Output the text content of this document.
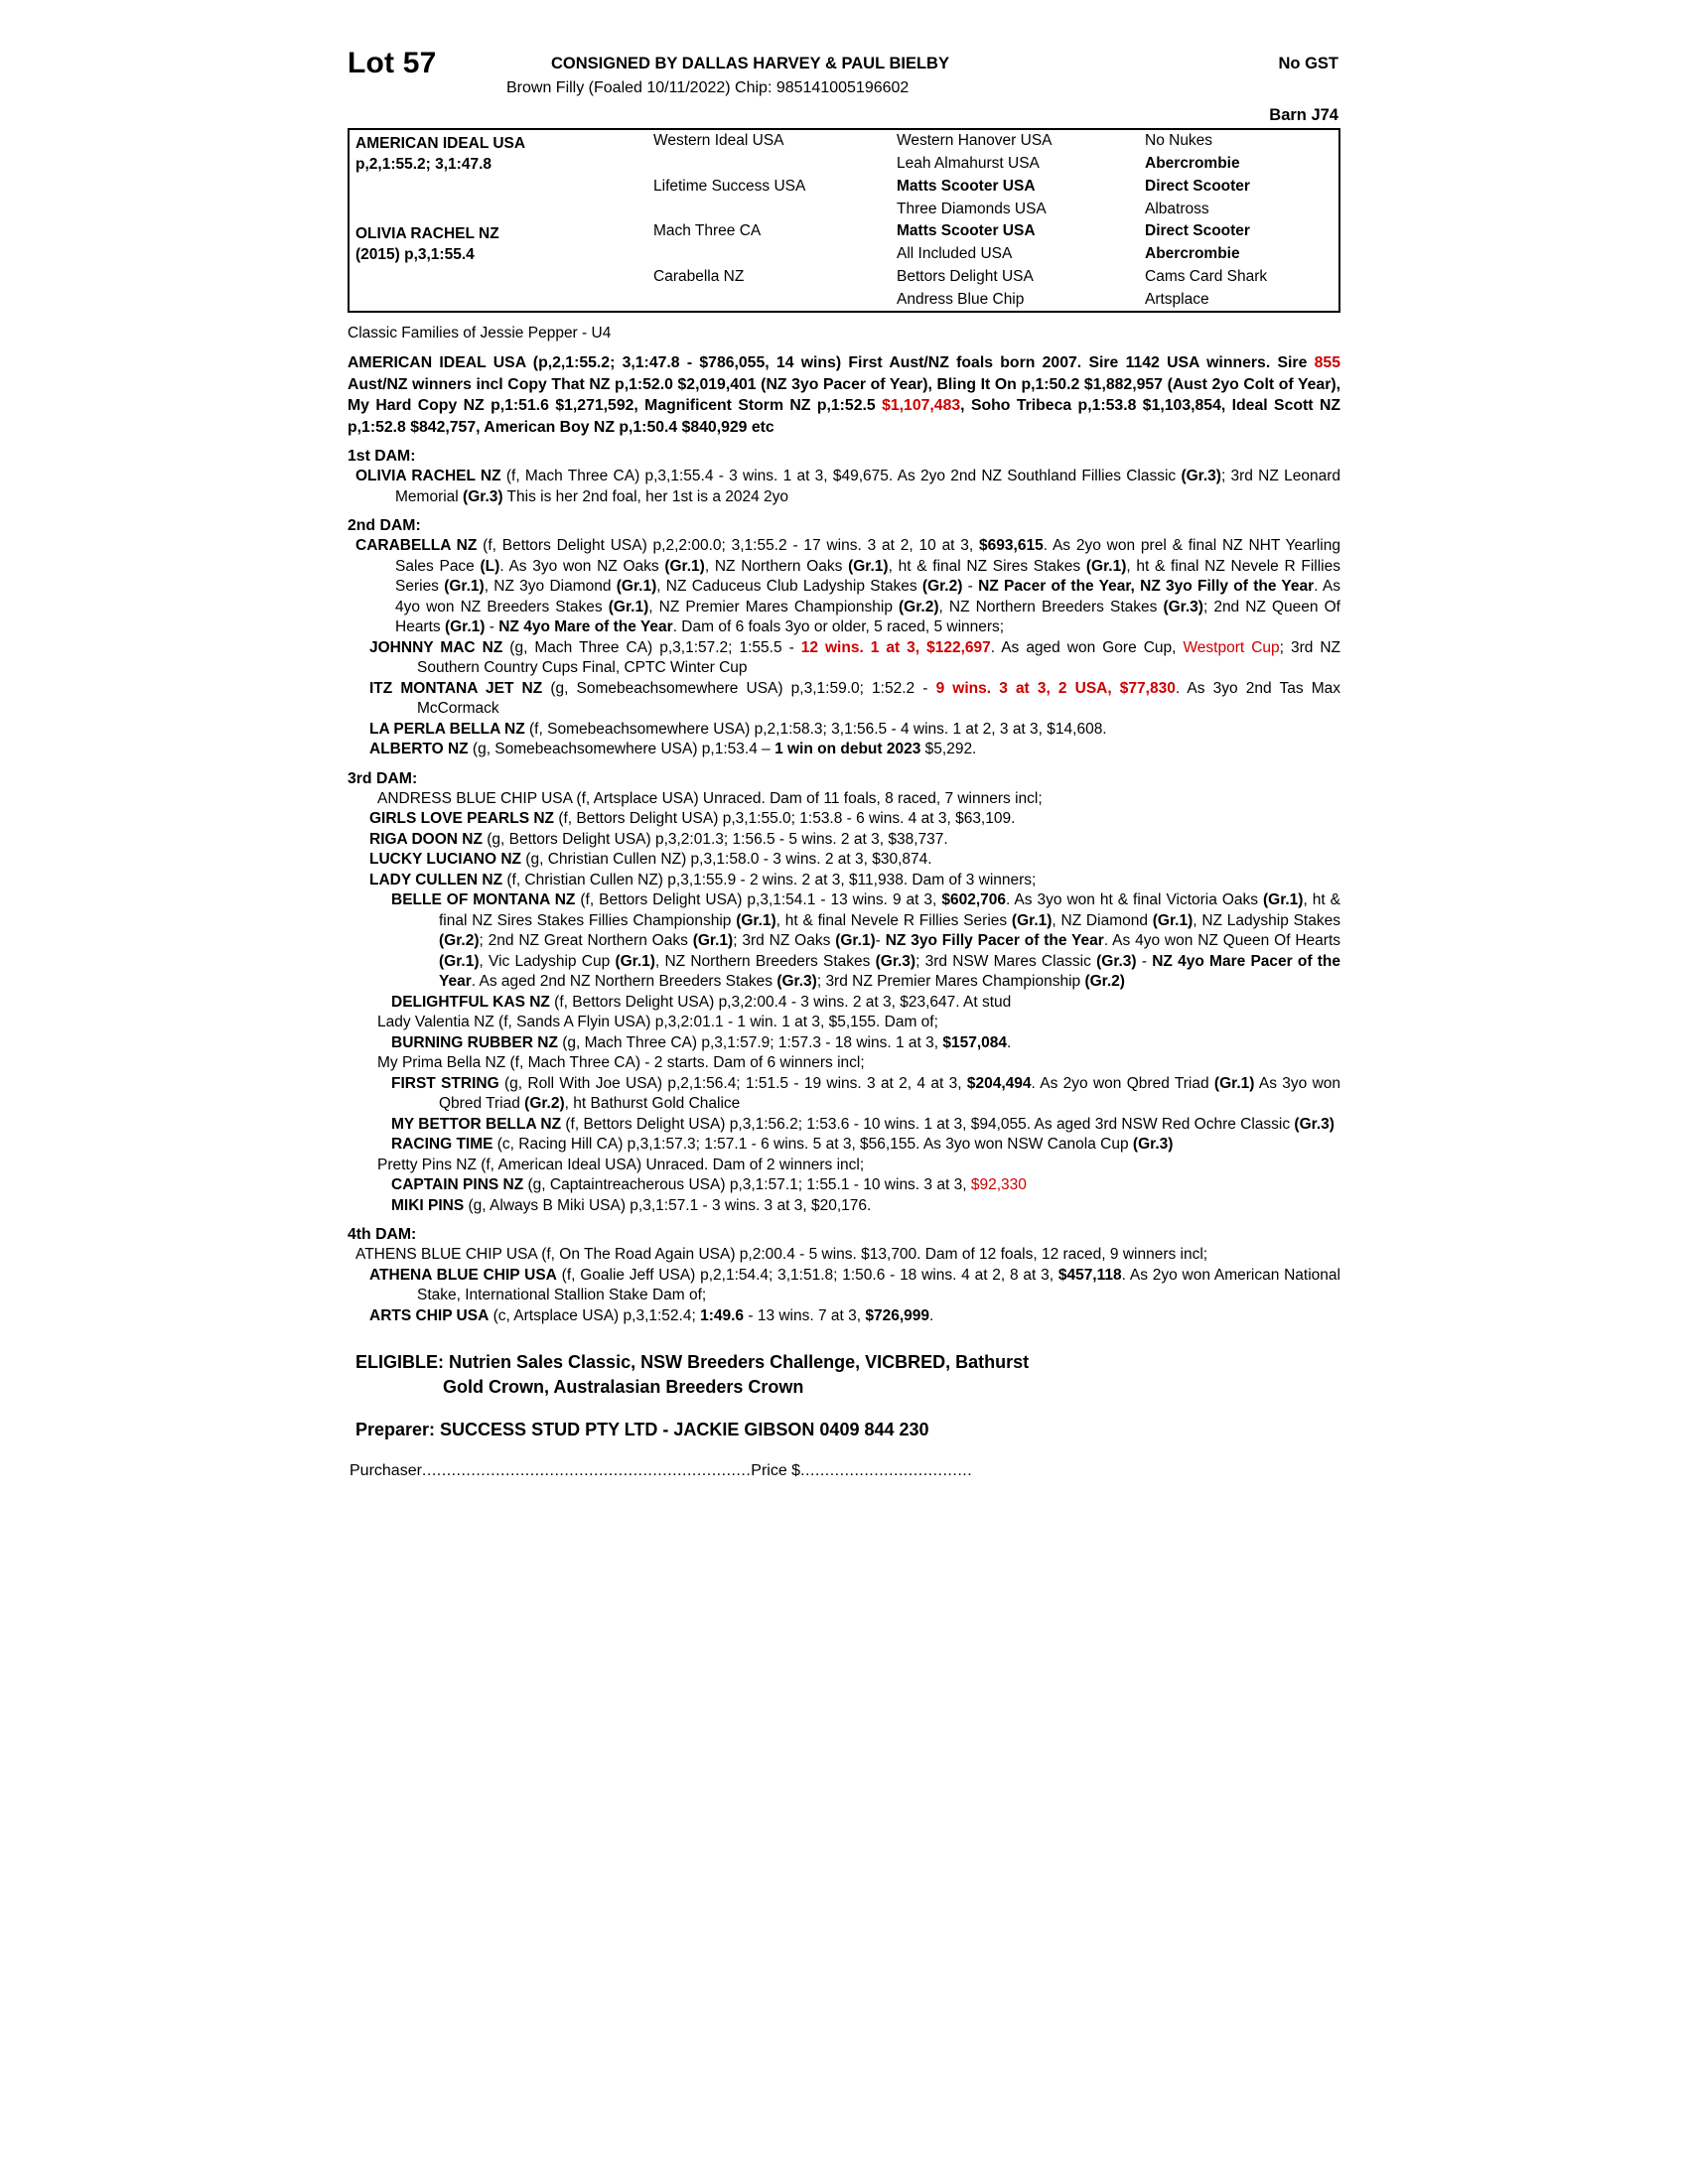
Lot 57	CONSIGNED BY DALLAS HARVEY & PAUL BIELBY
Brown Filly (Foaled 10/11/2022) Chip: 985141005196602
No GST
Barn J74
AMERICAN IDEAL USA
p,2,1:55.2; 3,1:47.8	Western Ideal USA	Western Hanover USA	No Nukes
		Leah Almahurst USA	Abercrombie
	Lifetime Success USA	Matts Scooter USA	Direct Scooter
		Three Diamonds USA	Albatross
OLIVIA RACHEL NZ
(2015) p,3,1:55.4	Mach Three CA	Matts Scooter USA	Direct Scooter
		All Included USA	Abercrombie
	Carabella NZ	Bettors Delight USA	Cams Card Shark
		Andress Blue Chip	Artsplace
Classic Families of Jessie Pepper - U4
AMERICAN IDEAL USA (p,2,1:55.2; 3,1:47.8 - $786,055, 14 wins) First Aust/NZ foals born 2007. Sire 1142 USA winners. Sire 855 Aust/NZ winners incl Copy That NZ p,1:52.0 $2,019,401 (NZ 3yo Pacer of Year), Bling It On p,1:50.2 $1,882,957 (Aust 2yo Colt of Year), My Hard Copy NZ p,1:51.6 $1,271,592, Magnificent Storm NZ p,1:52.5 $1,107,483, Soho Tribeca p,1:53.8 $1,103,854, Ideal Scott NZ p,1:52.8 $842,757, American Boy NZ p,1:50.4 $840,929 etc
1st DAM:

OLIVIA RACHEL NZ (f, Mach Three CA) p,3,1:55.4 - 3 wins. 1 at 3, $49,675. As 2yo 2nd NZ Southland Fillies Classic (Gr.3); 3rd NZ Leonard Memorial (Gr.3) This is her 2nd foal, her 1st is a 2024 2yo

2nd DAM:

CARABELLA NZ (f, Bettors Delight USA) p,2,2:00.0; 3,1:55.2 - 17 wins. 3 at 2, 10 at 3, $693,615. As 2yo won prel & final NZ NHT Yearling Sales Pace (L). As 3yo won NZ Oaks (Gr.1), NZ Northern Oaks (Gr.1), ht & final NZ Sires Stakes (Gr.1), ht & final NZ Nevele R Fillies Series (Gr.1), NZ 3yo Diamond (Gr.1), NZ Caduceus Club Ladyship Stakes (Gr.2) - NZ Pacer of the Year, NZ 3yo Filly of the Year. As 4yo won NZ Breeders Stakes (Gr.1), NZ Premier Mares Championship (Gr.2), NZ Northern Breeders Stakes (Gr.3); 2nd NZ Queen Of Hearts (Gr.1) - NZ 4yo Mare of the Year. Dam of 6 foals 3yo or older, 5 raced, 5 winners;

JOHNNY MAC NZ (g, Mach Three CA) p,3,1:57.2; 1:55.5 - 12 wins. 1 at 3, $122,697. As aged won Gore Cup, Westport Cup; 3rd NZ Southern Country Cups Final, CPTC Winter Cup

ITZ MONTANA JET NZ (g, Somebeachsomewhere USA) p,3,1:59.0; 1:52.2 - 9 wins. 3 at 3, 2 USA, $77,830. As 3yo 2nd Tas Max McCormack

LA PERLA BELLA NZ (f, Somebeachsomewhere USA) p,2,1:58.3; 3,1:56.5 - 4 wins. 1 at 2, 3 at 3, $14,608.

ALBERTO NZ (g, Somebeachsomewhere USA) p,1:53.4 – 1 win on debut 2023 $5,292.

3rd DAM:

ANDRESS BLUE CHIP USA (f, Artsplace USA) Unraced. Dam of 11 foals, 8 raced, 7 winners incl;

GIRLS LOVE PEARLS NZ (f, Bettors Delight USA) p,3,1:55.0; 1:53.8 - 6 wins. 4 at 3, $63,109.

RIGA DOON NZ (g, Bettors Delight USA) p,3,2:01.3; 1:56.5 - 5 wins. 2 at 3, $38,737.

LUCKY LUCIANO NZ (g, Christian Cullen NZ) p,3,1:58.0 - 3 wins. 2 at 3, $30,874.

LADY CULLEN NZ (f, Christian Cullen NZ) p,3,1:55.9 - 2 wins. 2 at 3, $11,938. Dam of 3 winners;

BELLE OF MONTANA NZ (f, Bettors Delight USA) p,3,1:54.1 - 13 wins. 9 at 3, $602,706. As 3yo won ht & final Victoria Oaks (Gr.1), ht & final NZ Sires Stakes Fillies Championship (Gr.1), ht & final Nevele R Fillies Series (Gr.1), NZ Diamond (Gr.1), NZ Ladyship Stakes (Gr.2); 2nd NZ Great Northern Oaks (Gr.1); 3rd NZ Oaks (Gr.1)- NZ 3yo Filly Pacer of the Year. As 4yo won NZ Queen Of Hearts (Gr.1), Vic Ladyship Cup (Gr.1), NZ Northern Breeders Stakes (Gr.3); 3rd NSW Mares Classic (Gr.3) - NZ 4yo Mare Pacer of the Year. As aged 2nd NZ Northern Breeders Stakes (Gr.3); 3rd NZ Premier Mares Championship (Gr.2)

DELIGHTFUL KAS NZ (f, Bettors Delight USA) p,3,2:00.4 - 3 wins. 2 at 3, $23,647. At stud

Lady Valentia NZ (f, Sands A Flyin USA) p,3,2:01.1 - 1 win. 1 at 3, $5,155. Dam of;

BURNING RUBBER NZ (g, Mach Three CA) p,3,1:57.9; 1:57.3 - 18 wins. 1 at 3, $157,084.

My Prima Bella NZ (f, Mach Three CA) - 2 starts. Dam of 6 winners incl;

FIRST STRING (g, Roll With Joe USA) p,2,1:56.4; 1:51.5 - 19 wins. 3 at 2, 4 at 3, $204,494. As 2yo won Qbred Triad (Gr.1) As 3yo won Qbred Triad (Gr.2), ht Bathurst Gold Chalice

MY BETTOR BELLA NZ (f, Bettors Delight USA) p,3,1:56.2; 1:53.6 - 10 wins. 1 at 3, $94,055. As aged 3rd NSW Red Ochre Classic (Gr.3)

RACING TIME (c, Racing Hill CA) p,3,1:57.3; 1:57.1 - 6 wins. 5 at 3, $56,155. As 3yo won NSW Canola Cup (Gr.3)

Pretty Pins NZ (f, American Ideal USA) Unraced. Dam of 2 winners incl;

CAPTAIN PINS NZ (g, Captaintreacherous USA) p,3,1:57.1; 1:55.1 - 10 wins. 3 at 3, $92,330

MIKI PINS (g, Always B Miki USA) p,3,1:57.1 - 3 wins. 3 at 3, $20,176.

4th DAM:

ATHENS BLUE CHIP USA (f, On The Road Again USA) p,2:00.4 - 5 wins. $13,700. Dam of 12 foals, 12 raced, 9 winners incl;

ATHENA BLUE CHIP USA (f, Goalie Jeff USA) p,2,1:54.4; 3,1:51.8; 1:50.6 - 18 wins. 4 at 2, 8 at 3, $457,118. As 2yo won American National Stake, International Stallion Stake Dam of;

ARTS CHIP USA (c, Artsplace USA) p,3,1:52.4; 1:49.6 - 13 wins. 7 at 3, $726,999.

ELIGIBLE: Nutrien Sales Classic, NSW Breeders Challenge, VICBRED, Bathurst
Gold Crown, Australasian Breeders Crown
Preparer: SUCCESS STUD PTY LTD - JACKIE GIBSON 0409 844 230
Purchaser...................................................................Price $...................................
